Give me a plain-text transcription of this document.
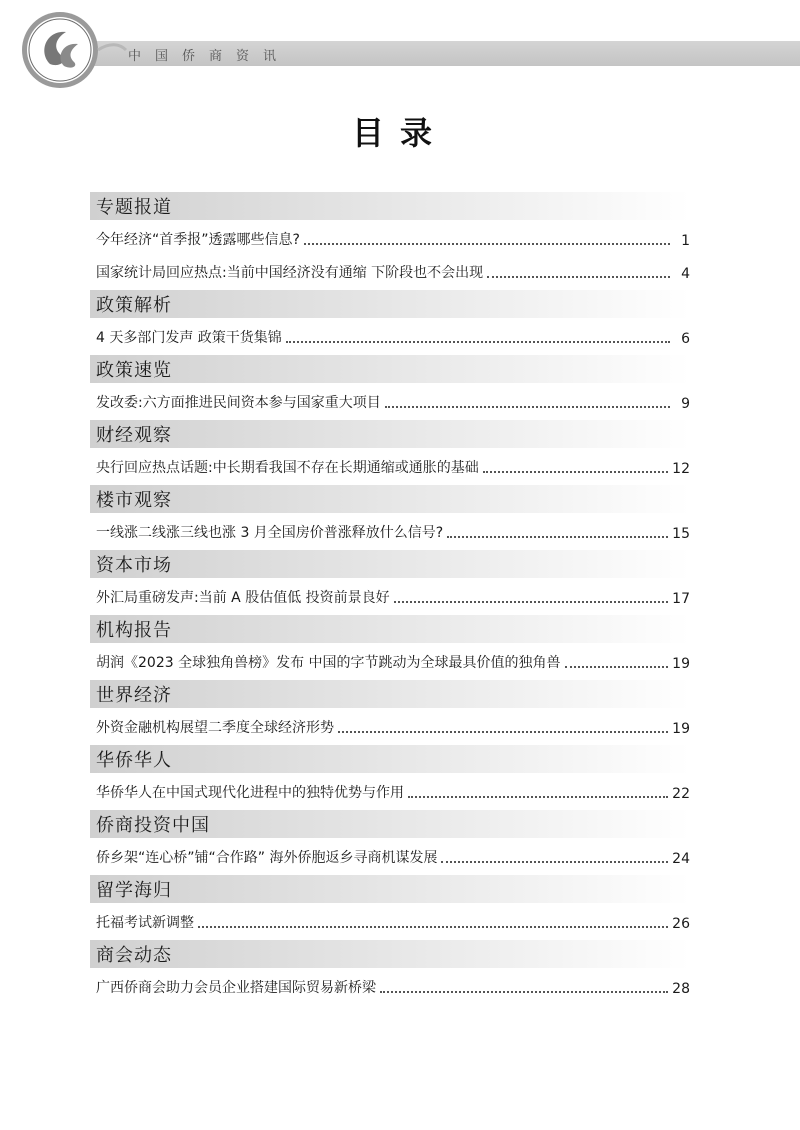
中国侨商资讯
目录
专题报道
今年经济“首季报”透露哪些信息?	1
国家统计局回应热点:当前中国经济没有通缩 下阶段也不会出现	4
政策解析
4 天多部门发声 政策干货集锦	6
政策速览
发改委:六方面推进民间资本参与国家重大项目	9
财经观察
央行回应热点话题:中长期看我国不存在长期通缩或通胀的基础	12
楼市观察
一线涨二线涨三线也涨 3 月全国房价普涨释放什么信号?	15
资本市场
外汇局重磅发声:当前 A 股估值低 投资前景良好	17
机构报告
胡润《2023 全球独角兽榜》发布 中国的字节跳动为全球最具价值的独角兽	19
世界经济
外资金融机构展望二季度全球经济形势	19
华侨华人
华侨华人在中国式现代化进程中的独特优势与作用	22
侨商投资中国
侨乡架“连心桥”铺“合作路” 海外侨胞返乡寻商机谋发展	24
留学海归
托福考试新调整	26
商会动态
广西侨商会助力会员企业搭建国际贸易新桥梁	28
